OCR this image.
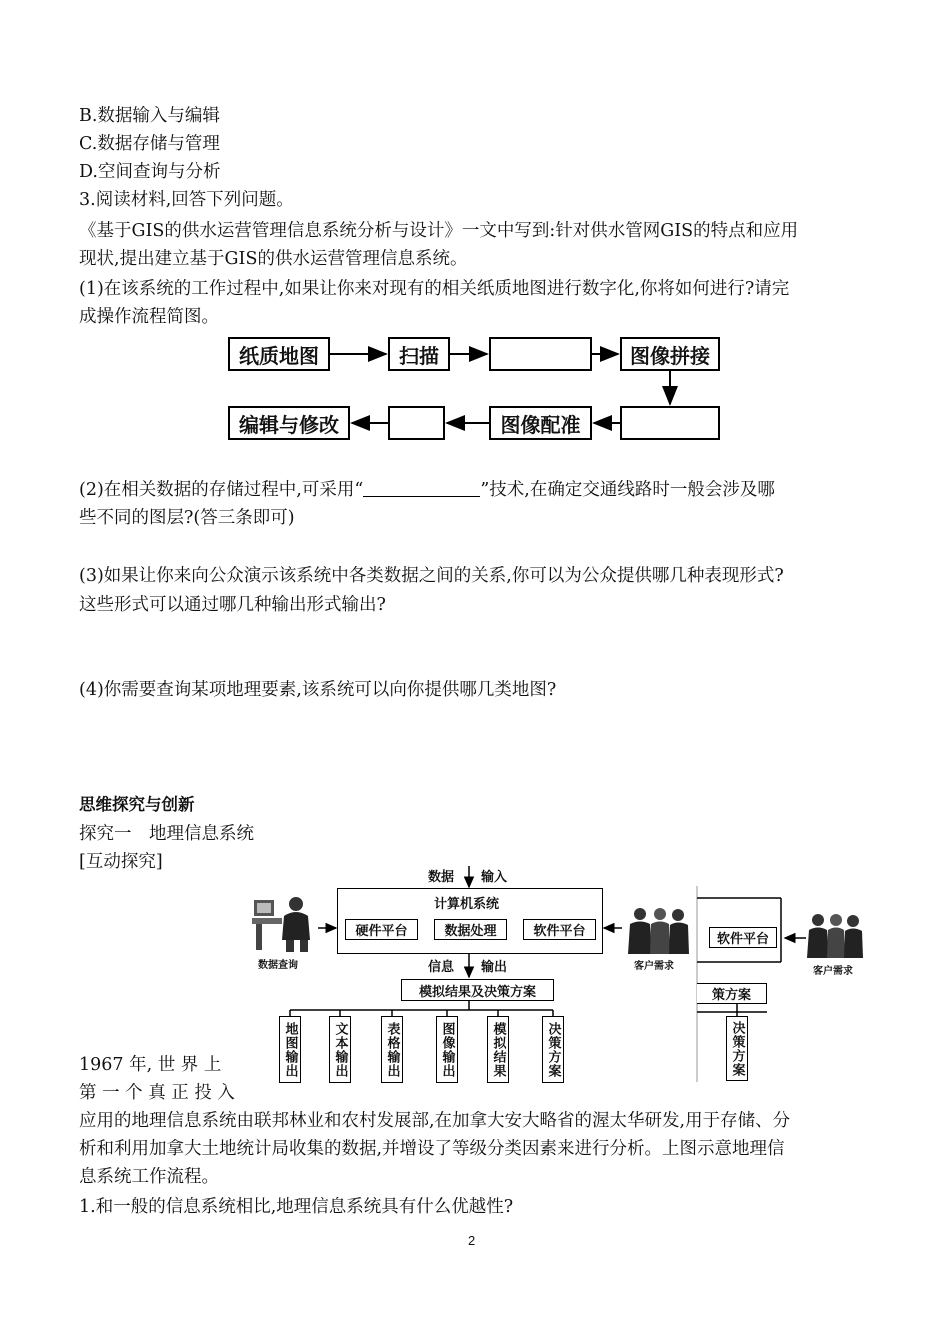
B.数据输入与编辑
C.数据存储与管理
D.空间查询与分析
3.阅读材料,回答下列问题。
《基于GIS的供水运营管理信息系统分析与设计》一文中写到:针对供水管网GIS的特点和应用
现状,提出建立基于GIS的供水运营管理信息系统。
(1)在该系统的工作过程中,如果让你来对现有的相关纸质地图进行数字化,你将如何进行?请完
成操作流程简图。
纸质地图	扫描	图像拼接
图像配准
编辑与修改
(2)在相关数据的存储过程中,可采用“	”技术,在确定交通线路时一般会涉及哪
些不同的图层?(答三条即可)
(3)如果让你来向公众演示该系统中各类数据之间的关系,你可以为公众提供哪几种表现形式?
这些形式可以通过哪几种输出形式输出?
(4)你需要查询某项地理要素,该系统可以向你提供哪几类地图?
思维探究与创新
探究一　地理信息系统
[互动探究]
数据 输入
计算机系统
硬件平台	数据处理	软件平台
信息 输出
模拟结果及决策方案
地图输出	文本输出	表格输出	图像输出	模拟结果	决策方案
数据查询	客户需求
软件平台
客户需求
策方案
决策方案
1967 年, 世 界 上
第 一 个 真 正 投 入
应用的地理信息系统由联邦林业和农村发展部,在加拿大安大略省的渥太华研发,用于存储、分
析和利用加拿大土地统计局收集的数据,并增设了等级分类因素来进行分析。上图示意地理信
息系统工作流程。
1.和一般的信息系统相比,地理信息系统具有什么优越性?
2
